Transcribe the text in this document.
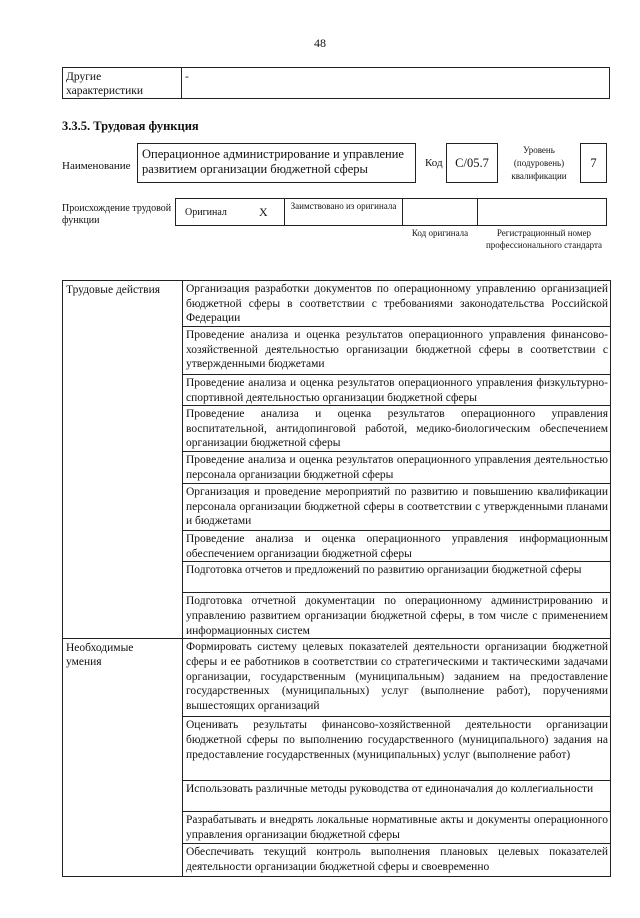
48
Другие характеристики
-
3.3.5. Трудовая функция
Наименование
Операционное администрирование и управление развитием организации бюджетной сферы	Код	С/05.7
Уровень (подуровень) квалификации
7
Происхождение трудовой функции
Оригинал	X	Заимствовано из оригинала
Код оригинала	Регистрационный номер профессионального стандарта
Трудовые действия	Организация разработки документов по операционному управлению организацией бюджетной сферы в соответствии с требованиями законодательства Российской Федерации

	Проведение анализа и оценка результатов операционного управления финансово-хозяйственной деятельностью организации бюджетной сферы в соответствии с утвержденными бюджетами

	Проведение анализа и оценка результатов операционного управления физкультурно-спортивной деятельностью организации бюджетной сферы

	Проведение анализа и оценка результатов операционного управления воспитательной, антидопинговой работой, медико-биологическим обеспечением организации бюджетной сферы

	Проведение анализа и оценка результатов операционного управления деятельностью персонала организации бюджетной сферы

	Организация и проведение мероприятий по развитию и повышению квалификации персонала организации бюджетной сферы в соответствии с утвержденными планами и бюджетами

	Проведение анализа и оценка операционного управления информационным обеспечением организации бюджетной сферы

	Подготовка отчетов и предложений по развитию организации бюджетной сферы

	Подготовка отчетной документации по операционному администрированию и управлению развитием организации бюджетной сферы, в том числе с применением информационных систем

Необходимые умения	Формировать систему целевых показателей деятельности организации бюджетной сферы и ее работников в соответствии со стратегическими и тактическими задачами организации, государственным (муниципальным) заданием на предоставление государственных (муниципальных) услуг (выполнение работ), поручениями вышестоящих организаций

	Оценивать результаты финансово-хозяйственной деятельности организации бюджетной сферы по выполнению государственного (муниципального) задания на предоставление государственных (муниципальных) услуг (выполнение работ)

	Использовать различные методы руководства от единоначалия до коллегиальности

	Разрабатывать и внедрять локальные нормативные акты и документы операционного управления организации бюджетной сферы

	Обеспечивать текущий контроль выполнения плановых целевых показателей деятельности организации бюджетной сферы и своевременно
